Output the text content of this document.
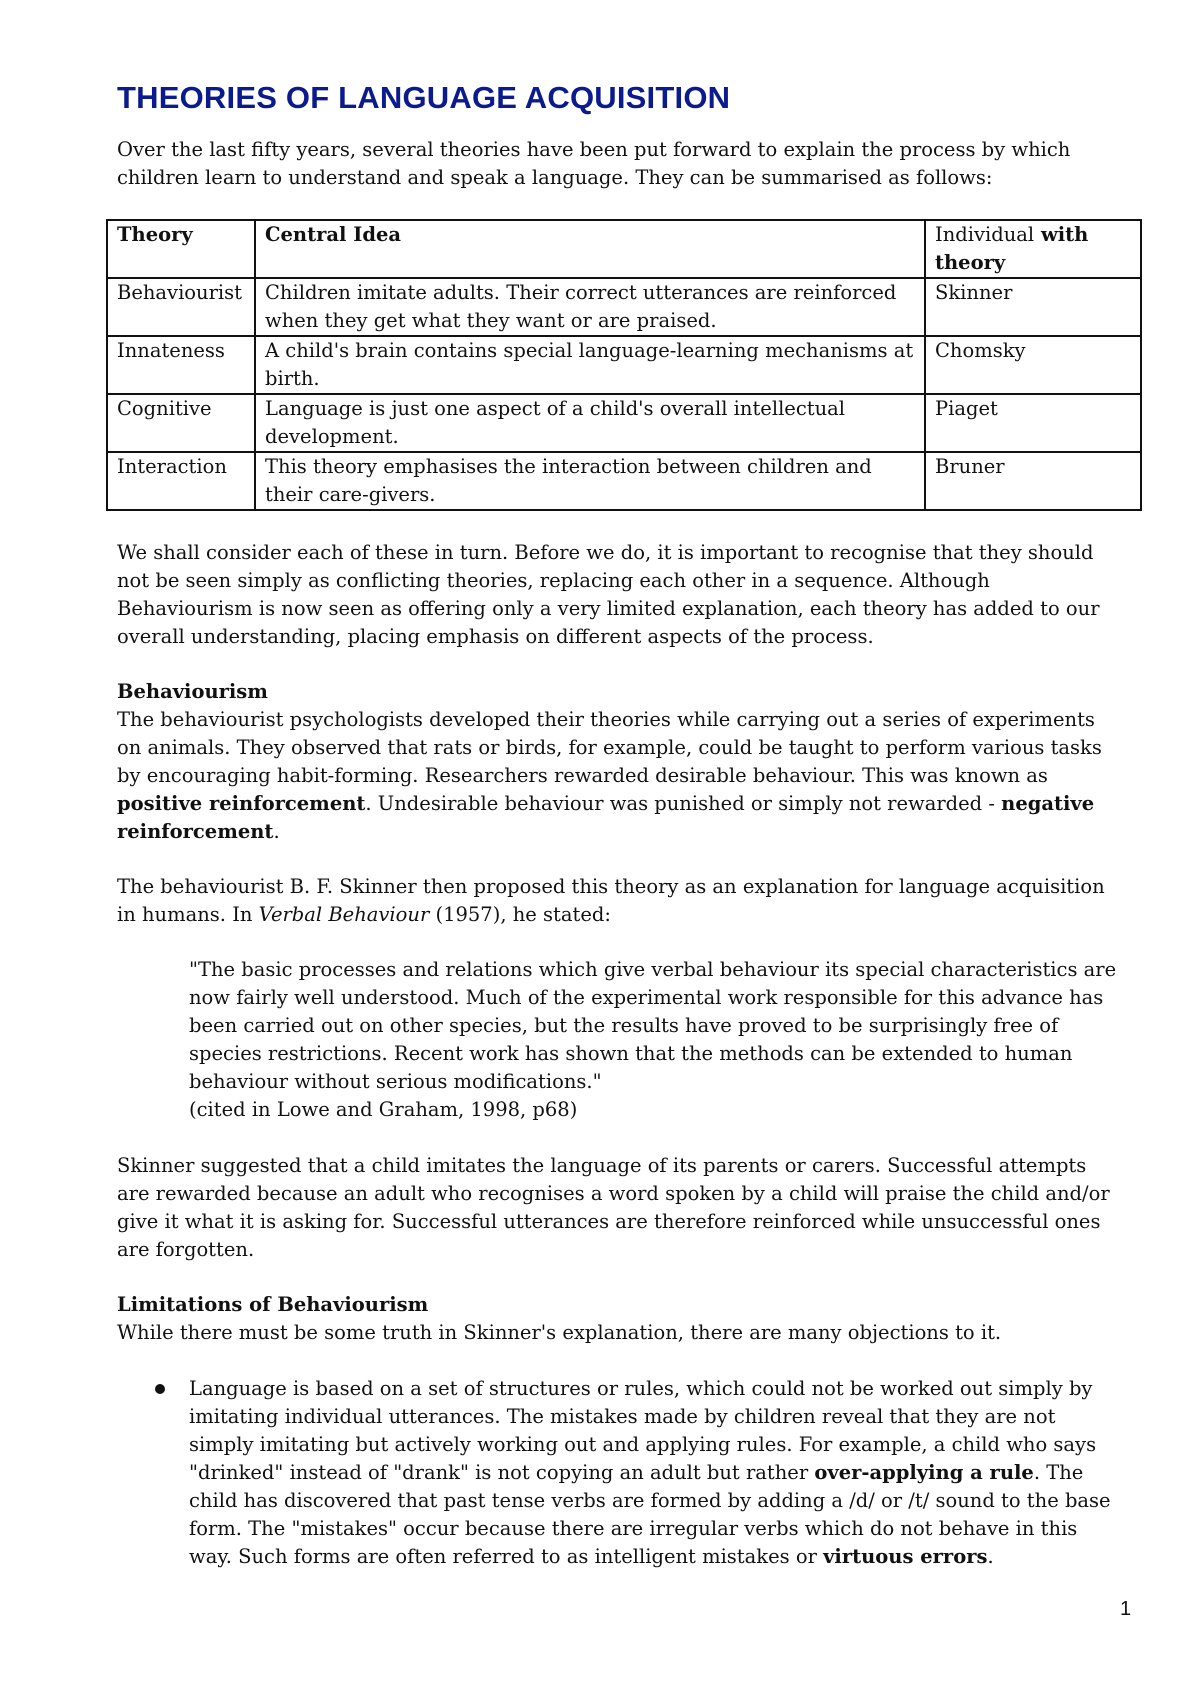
THEORIES OF LANGUAGE ACQUISITION

Over the last fifty years, several theories have been put forward to explain the process by which children learn to understand and speak a language. They can be summarised as follows:

Theory	Central Idea	Individual with theory
Behaviourist	Children imitate adults. Their correct utterances are reinforced when they get what they want or are praised.	Skinner
Innateness	A child's brain contains special language-learning mechanisms at birth.	Chomsky
Cognitive	Language is just one aspect of a child's overall intellectual development.	Piaget
Interaction	This theory emphasises the interaction between children and their care-givers.	Bruner

We shall consider each of these in turn. Before we do, it is important to recognise that they should not be seen simply as conflicting theories, replacing each other in a sequence. Although Behaviourism is now seen as offering only a very limited explanation, each theory has added to our overall understanding, placing emphasis on different aspects of the process.

Behaviourism
The behaviourist psychologists developed their theories while carrying out a series of experiments on animals. They observed that rats or birds, for example, could be taught to perform various tasks by encouraging habit-forming. Researchers rewarded desirable behaviour. This was known as positive reinforcement. Undesirable behaviour was punished or simply not rewarded - negative reinforcement.

The behaviourist B. F. Skinner then proposed this theory as an explanation for language acquisition in humans. In Verbal Behaviour (1957), he stated:

"The basic processes and relations which give verbal behaviour its special characteristics are now fairly well understood. Much of the experimental work responsible for this advance has been carried out on other species, but the results have proved to be surprisingly free of species restrictions. Recent work has shown that the methods can be extended to human behaviour without serious modifications."
(cited in Lowe and Graham, 1998, p68)

Skinner suggested that a child imitates the language of its parents or carers. Successful attempts are rewarded because an adult who recognises a word spoken by a child will praise the child and/or give it what it is asking for. Successful utterances are therefore reinforced while unsuccessful ones are forgotten.

Limitations of Behaviourism
While there must be some truth in Skinner's explanation, there are many objections to it.

Language is based on a set of structures or rules, which could not be worked out simply by imitating individual utterances. The mistakes made by children reveal that they are not simply imitating but actively working out and applying rules. For example, a child who says "drinked" instead of "drank" is not copying an adult but rather over-applying a rule. The child has discovered that past tense verbs are formed by adding a /d/ or /t/ sound to the base form. The "mistakes" occur because there are irregular verbs which do not behave in this way. Such forms are often referred to as intelligent mistakes or virtuous errors.
1
